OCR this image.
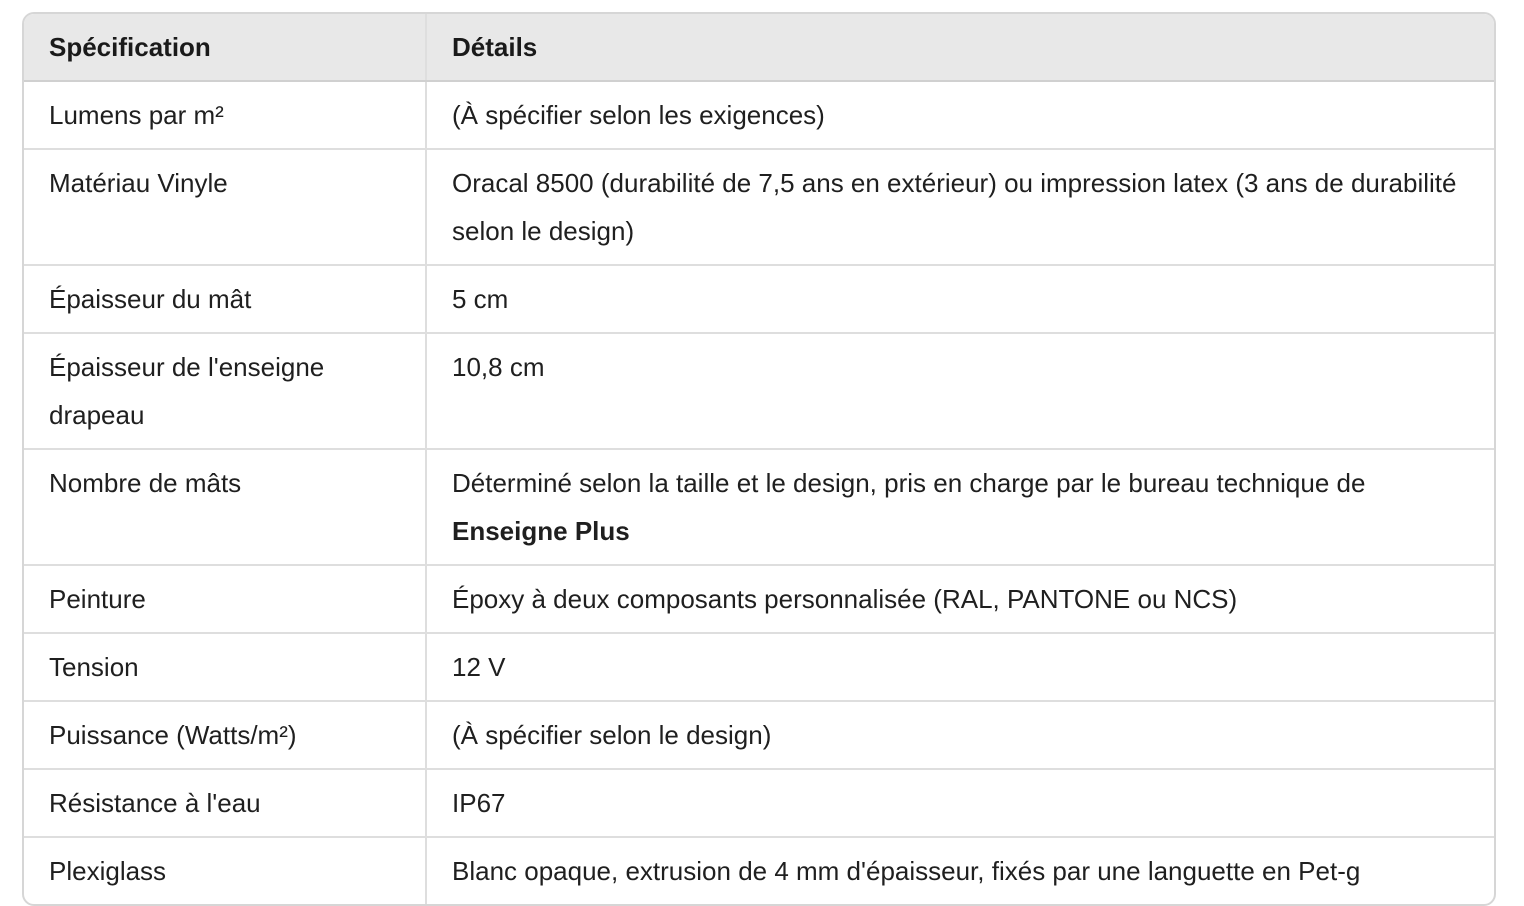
Spécification	Détails
Lumens par m²	(À spécifier selon les exigences)
Matériau Vinyle	Oracal 8500 (durabilité de 7,5 ans en extérieur) ou impression latex (3 ans de durabilité selon le design)
Épaisseur du mât	5 cm
Épaisseur de l'enseigne drapeau	10,8 cm
Nombre de mâts	Déterminé selon la taille et le design, pris en charge par le bureau technique de Enseigne Plus
Peinture	Époxy à deux composants personnalisée (RAL, PANTONE ou NCS)
Tension	12 V
Puissance (Watts/m²)	(À spécifier selon le design)
Résistance à l'eau	IP67
Plexiglass	Blanc opaque, extrusion de 4 mm d'épaisseur, fixés par une languette en Pet-g
